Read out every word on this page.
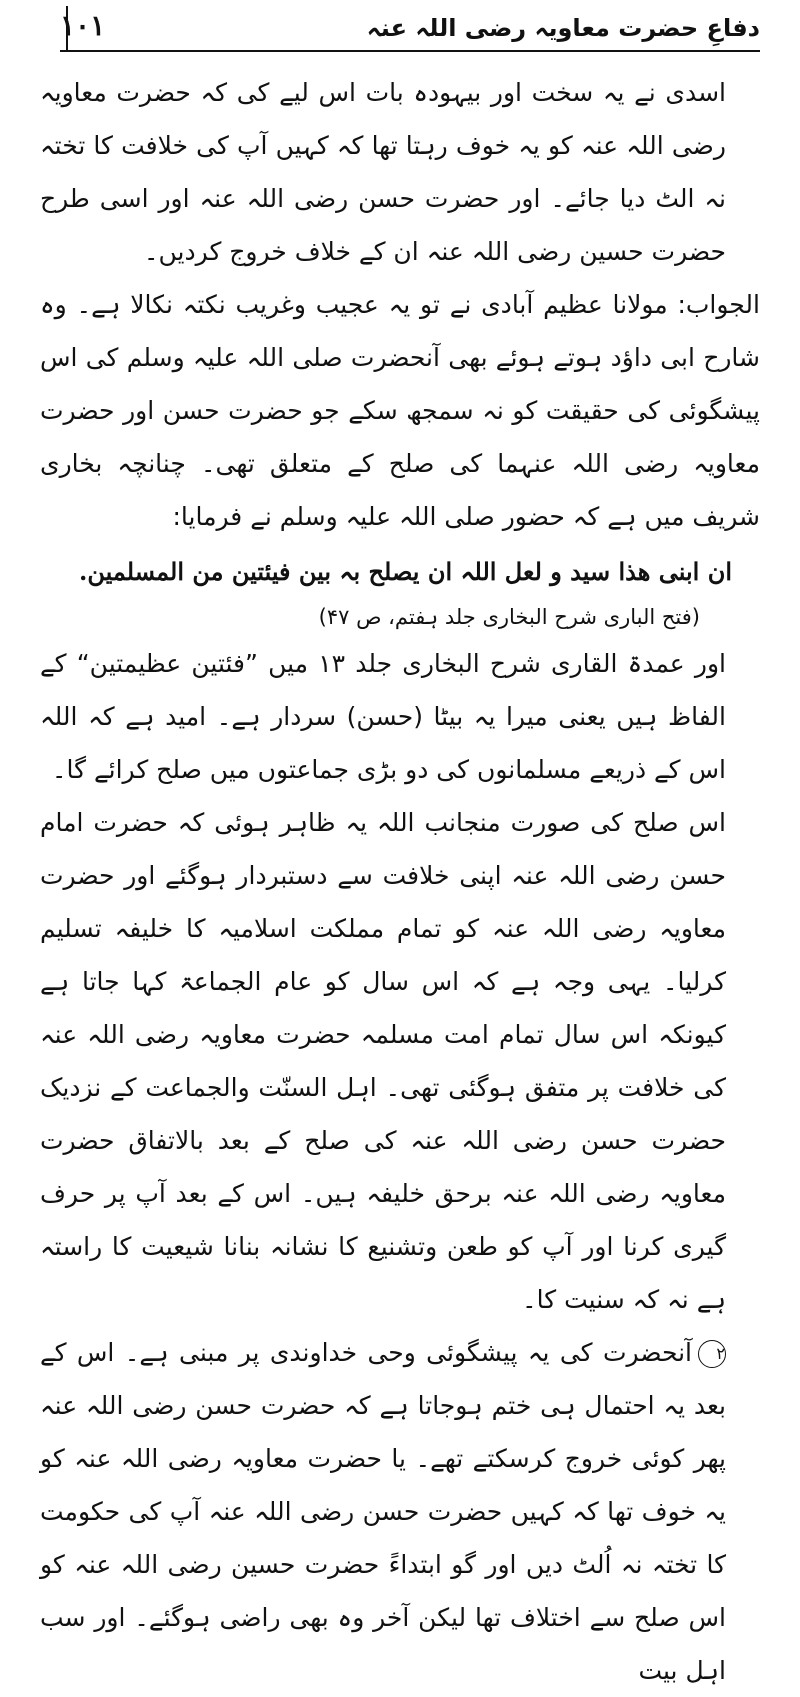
دفاعِ حضرت معاویہ رضی اللہ عنہ
۱۰۱

اسدی نے یہ سخت اور بیہودہ بات اس لیے کی کہ حضرت معاویہ رضی اللہ عنہ کو یہ خوف رہتا تھا کہ کہیں آپ کی خلافت کا تختہ نہ الٹ دیا جائے۔ اور حضرت حسن رضی اللہ عنہ اور اسی طرح حضرت حسین رضی اللہ عنہ ان کے خلاف خروج کردیں۔

الجواب: مولانا عظیم آبادی نے تو یہ عجیب وغریب نکتہ نکالا ہے۔ وہ شارح ابی داؤد ہوتے ہوئے بھی آنحضرت صلی اللہ علیہ وسلم کی اس پیشگوئی کی حقیقت کو نہ سمجھ سکے جو حضرت حسن اور حضرت معاویہ رضی اللہ عنہما کی صلح کے متعلق تھی۔ چنانچہ بخاری شریف میں ہے کہ حضور صلی اللہ علیہ وسلم نے فرمایا:

ان ابنی ھذا سید و لعل اللہ ان یصلح بہ بین فیئتین من المسلمین.

(فتح الباری شرح البخاری جلد ہفتم، ص ۴۷)

اور عمدۃ القاری شرح البخاری جلد ۱۳ میں ”فئتین عظیمتین“ کے الفاظ ہیں یعنی میرا یہ بیٹا (حسن) سردار ہے۔ امید ہے کہ اللہ اس کے ذریعے مسلمانوں کی دو بڑی جماعتوں میں صلح کرائے گا۔

اس صلح کی صورت منجانب اللہ یہ ظاہر ہوئی کہ حضرت امام حسن رضی اللہ عنہ اپنی خلافت سے دستبردار ہوگئے اور حضرت معاویہ رضی اللہ عنہ کو تمام مملکت اسلامیہ کا خلیفہ تسلیم کرلیا۔ یہی وجہ ہے کہ اس سال کو عام الجماعۃ کہا جاتا ہے کیونکہ اس سال تمام امت مسلمہ حضرت معاویہ رضی اللہ عنہ کی خلافت پر متفق ہوگئی تھی۔ اہل السنّت والجماعت کے نزدیک حضرت حسن رضی اللہ عنہ کی صلح کے بعد بالاتفاق حضرت معاویہ رضی اللہ عنہ برحق خلیفہ ہیں۔ اس کے بعد آپ پر حرف گیری کرنا اور آپ کو طعن وتشنیع کا نشانہ بنانا شیعیت کا راستہ ہے نہ کہ سنیت کا۔

۲آنحضرت کی یہ پیشگوئی وحی خداوندی پر مبنی ہے۔ اس کے بعد یہ احتمال ہی ختم ہوجاتا ہے کہ حضرت حسن رضی اللہ عنہ پھر کوئی خروج کرسکتے تھے۔ یا حضرت معاویہ رضی اللہ عنہ کو یہ خوف تھا کہ کہیں حضرت حسن رضی اللہ عنہ آپ کی حکومت کا تختہ نہ اُلٹ دیں اور گو ابتداءً حضرت حسین رضی اللہ عنہ کو اس صلح سے اختلاف تھا لیکن آخر وہ بھی راضی ہوگئے۔ اور سب اہل بیت
